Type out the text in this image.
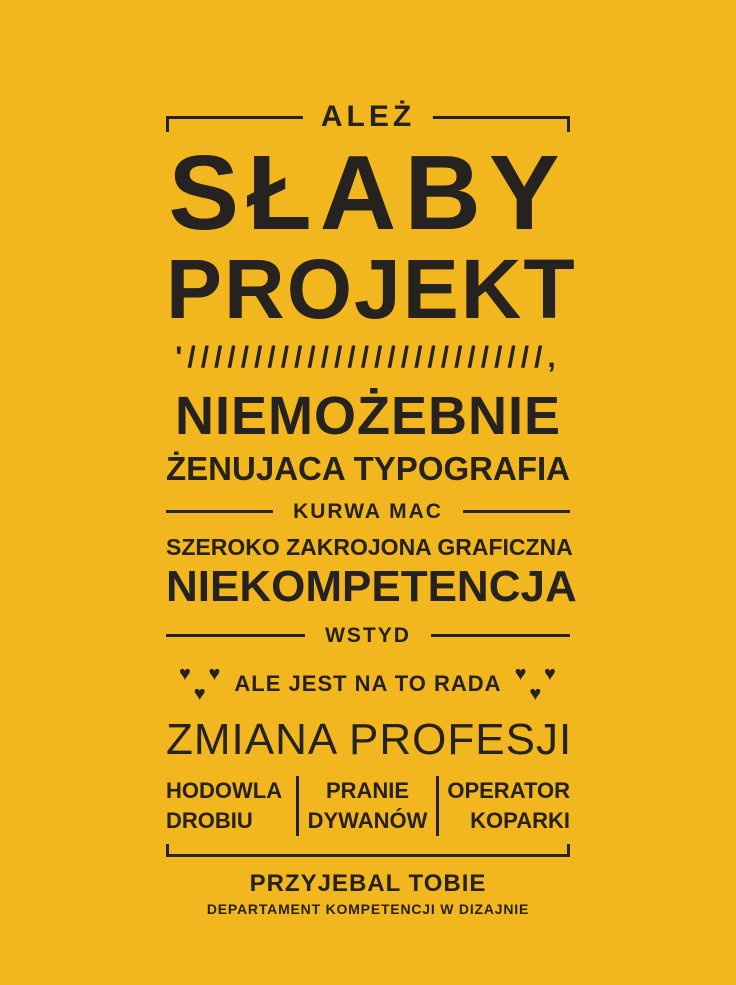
ALEŻ
SŁABY
PROJEKT
'///////////////////////////,
NIEMOŻEBNIE
ŻENUJACA TYPOGRAFIA
KURWA MAC
SZEROKO ZAKROJONA GRAFICZNA
NIEKOMPETENCJA
WSTYD
♥ ♥ ♥	ALE JEST NA TO RADA ♥ ♥ ♥
ZMIANA PROFESJI
HODOWLA
DROBIU
PRANIE
DYWANÓW
OPERATOR
KOPARKI
PRZYJEBAL TOBIE
DEPARTAMENT KOMPETENCJI W DIZAJNIE
